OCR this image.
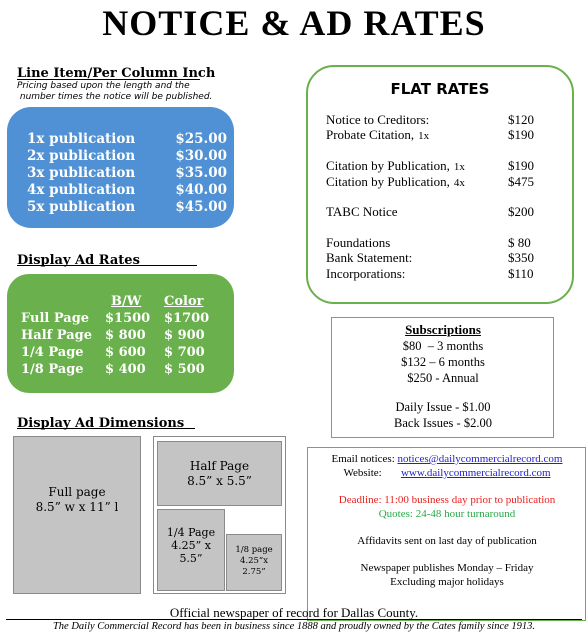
NOTICE & AD RATES
Line Item/Per Column Inch
Pricing based upon the length and the
number times the notice will be published.
1x publication	$25.00
2x publication	$30.00
3x publication	$35.00
4x publication	$40.00
5x publication	$45.00
Display Ad Rates
B/W Color
Full Page $1500 $1700
Half Page $ 800 $ 900
1/4 Page $ 600 $ 700
1/8 Page $ 400 $ 500
Display Ad Dimensions
Full page
8.5” w x 11” l
Half Page
8.5” x 5.5”
1/4 Page
4.25” x
5.5”
1/8 page
4.25”x
2.75”
FLAT RATES
Notice to Creditors:	$120
Probate Citation, 1x	$190
Citation by Publication, 1x	$190
Citation by Publication, 4x	$475
TABC Notice	$200
Foundations	$ 80
Bank Statement:	$350
Incorporations:	$110
Subscriptions
$80  – 3 months
$132 – 6 months
$250 - Annual
Daily Issue - $1.00
Back Issues - $2.00
Email notices: notices@dailycommercialrecord.com
Website: www.dailycommercialrecord.com
Deadline: 11:00 business day prior to publication
Quotes: 24-48 hour turnaround
Affidavits sent on last day of publication
Newspaper publishes Monday – Friday
Excluding major holidays
Official newspaper of record for Dallas County.
The Daily Commercial Record has been in business since 1888 and proudly owned by the Cates family since 1913.
